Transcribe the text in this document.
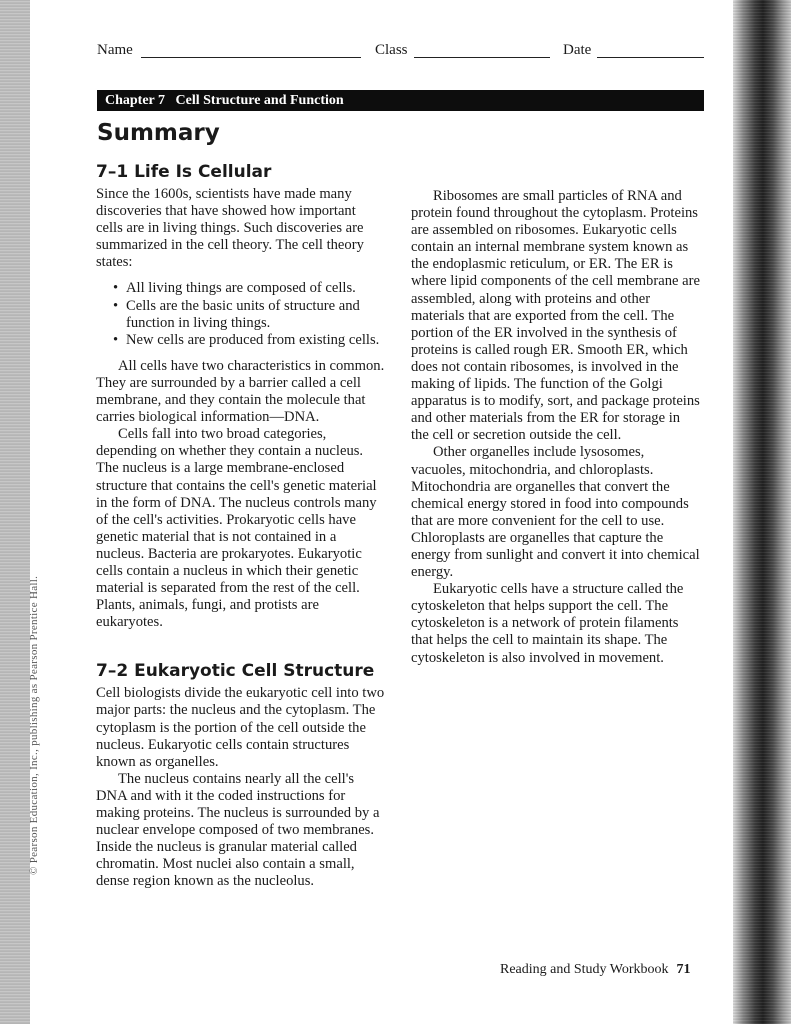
© Pearson Education, Inc., publishing as Pearson Prentice Hall.
Name	Class	Date
Chapter 7   Cell Structure and Function
Summary
7–1 Life Is Cellular

Since the 1600s, scientists have made many discoveries that have showed how important cells are in living things. Such discoveries are summarized in the cell theory. The cell theory states:

• All living things are composed of cells.
• Cells are the basic units of structure and function in living things.
• New cells are produced from existing cells.

All cells have two characteristics in common. They are surrounded by a barrier called a cell membrane, and they contain the molecule that carries biological information—DNA.

Cells fall into two broad categories, depending on whether they contain a nucleus. The nucleus is a large membrane-enclosed structure that contains the cell's genetic material in the form of DNA. The nucleus controls many of the cell's activities. Prokaryotic cells have genetic material that is not contained in a nucleus. Bacteria are prokaryotes. Eukaryotic cells contain a nucleus in which their genetic material is separated from the rest of the cell. Plants, animals, fungi, and protists are eukaryotes.

7–2 Eukaryotic Cell Structure

Cell biologists divide the eukaryotic cell into two major parts: the nucleus and the cytoplasm. The cytoplasm is the portion of the cell outside the nucleus. Eukaryotic cells contain structures known as organelles.

The nucleus contains nearly all the cell's DNA and with it the coded instructions for making proteins. The nucleus is surrounded by a nuclear envelope composed of two membranes. Inside the nucleus is granular material called chromatin. Most nuclei also contain a small, dense region known as the nucleolus.

Ribosomes are small particles of RNA and protein found throughout the cytoplasm. Proteins are assembled on ribosomes. Eukaryotic cells contain an internal membrane system known as the endoplasmic reticulum, or ER. The ER is where lipid components of the cell membrane are assembled, along with proteins and other materials that are exported from the cell. The portion of the ER involved in the synthesis of proteins is called rough ER. Smooth ER, which does not contain ribosomes, is involved in the making of lipids. The function of the Golgi apparatus is to modify, sort, and package proteins and other materials from the ER for storage in the cell or secretion outside the cell.

Other organelles include lysosomes, vacuoles, mitochondria, and chloroplasts. Mitochondria are organelles that convert the chemical energy stored in food into compounds that are more convenient for the cell to use. Chloroplasts are organelles that capture the energy from sunlight and convert it into chemical energy.

Eukaryotic cells have a structure called the cytoskeleton that helps support the cell. The cytoskeleton is a network of protein filaments that helps the cell to maintain its shape. The cytoskeleton is also involved in movement.

Reading and Study Workbook 71
